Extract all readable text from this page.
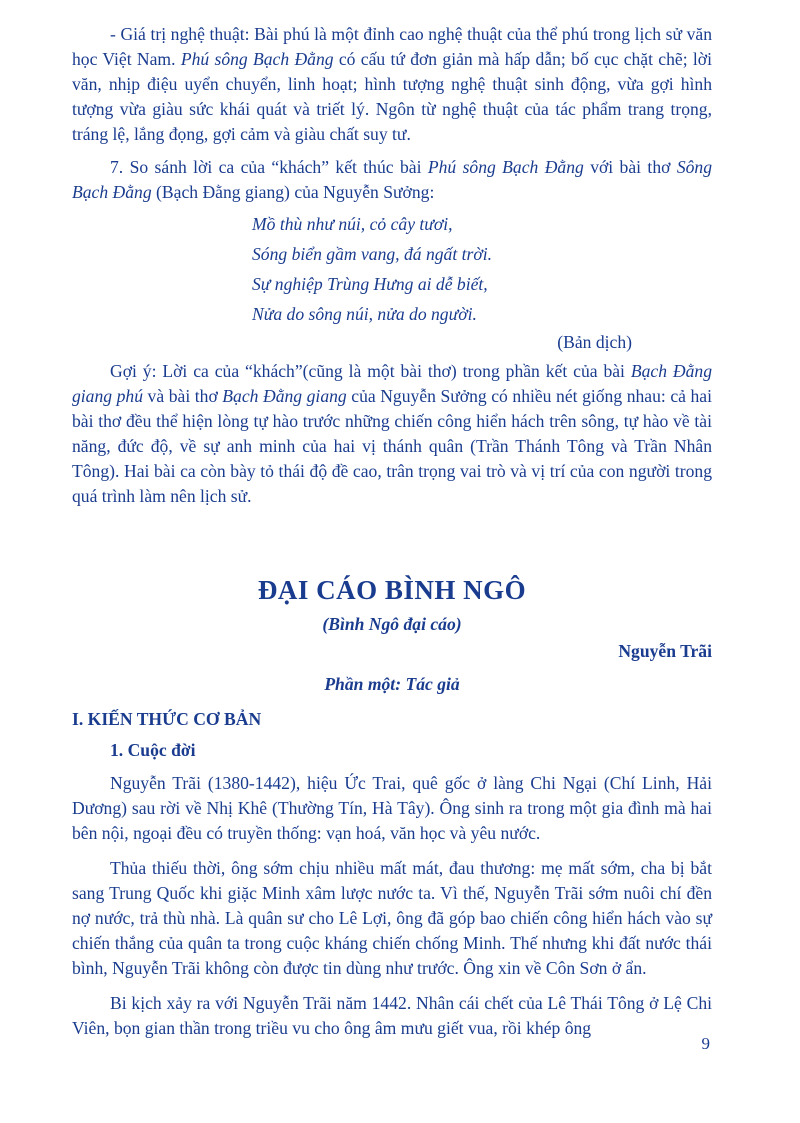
- Giá trị nghệ thuật: Bài phú là một đỉnh cao nghệ thuật của thể phú trong lịch sử văn học Việt Nam. Phú sông Bạch Đằng có cấu tứ đơn giản mà hấp dẫn; bố cục chặt chẽ; lời văn, nhịp điệu uyển chuyển, linh hoạt; hình tượng nghệ thuật sinh động, vừa gợi hình tượng vừa giàu sức khái quát và triết lý. Ngôn từ nghệ thuật của tác phẩm trang trọng, tráng lệ, lắng đọng, gợi cảm và giàu chất suy tư.

7. So sánh lời ca của “khách” kết thúc bài Phú sông Bạch Đằng với bài thơ Sông Bạch Đằng (Bạch Đằng giang) của Nguyễn Sưởng:

Mồ thù như núi, cỏ cây tươi,
Sóng biển gầm vang, đá ngất trời.
Sự nghiệp Trùng Hưng ai dễ biết,
Nửa do sông núi, nửa do người.
(Bản dịch)

Gợi ý: Lời ca của “khách”(cũng là một bài thơ) trong phần kết của bài Bạch Đằng giang phú và bài thơ Bạch Đằng giang của Nguyễn Sưởng có nhiều nét giống nhau: cả hai bài thơ đều thể hiện lòng tự hào trước những chiến công hiển hách trên sông, tự hào về tài năng, đức độ, về sự anh minh của hai vị thánh quân (Trần Thánh Tông và Trần Nhân Tông). Hai bài ca còn bày tỏ thái độ đề cao, trân trọng vai trò và vị trí của con người trong quá trình làm nên lịch sử.

ĐẠI CÁO BÌNH NGÔ
(Bình Ngô đại cáo)
Nguyễn Trãi
Phần một: Tác giả
I. KIẾN THỨC CƠ BẢN
1. Cuộc đời

Nguyễn Trãi (1380-1442), hiệu Ức Trai, quê gốc ở làng Chi Ngại (Chí Linh, Hải Dương) sau rời về Nhị Khê (Thường Tín, Hà Tây). Ông sinh ra trong một gia đình mà hai bên nội, ngoại đều có truyền thống: vạn hoá, văn học và yêu nước.

Thủa thiếu thời, ông sớm chịu nhiều mất mát, đau thương: mẹ mất sớm, cha bị bắt sang Trung Quốc khi giặc Minh xâm lược nước ta. Vì thế, Nguyễn Trãi sớm nuôi chí đền nợ nước, trả thù nhà. Là quân sư cho Lê Lợi, ông đã góp bao chiến công hiển hách vào sự chiến thắng của quân ta trong cuộc kháng chiến chống Minh. Thế nhưng khi đất nước thái bình, Nguyễn Trãi không còn được tin dùng như trước. Ông xin về Côn Sơn ở ẩn.

Bi kịch xảy ra với Nguyễn Trãi năm 1442. Nhân cái chết của Lê Thái Tông ở Lệ Chi Viên, bọn gian thần trong triều vu cho ông âm mưu giết vua, rồi khép ông

9
